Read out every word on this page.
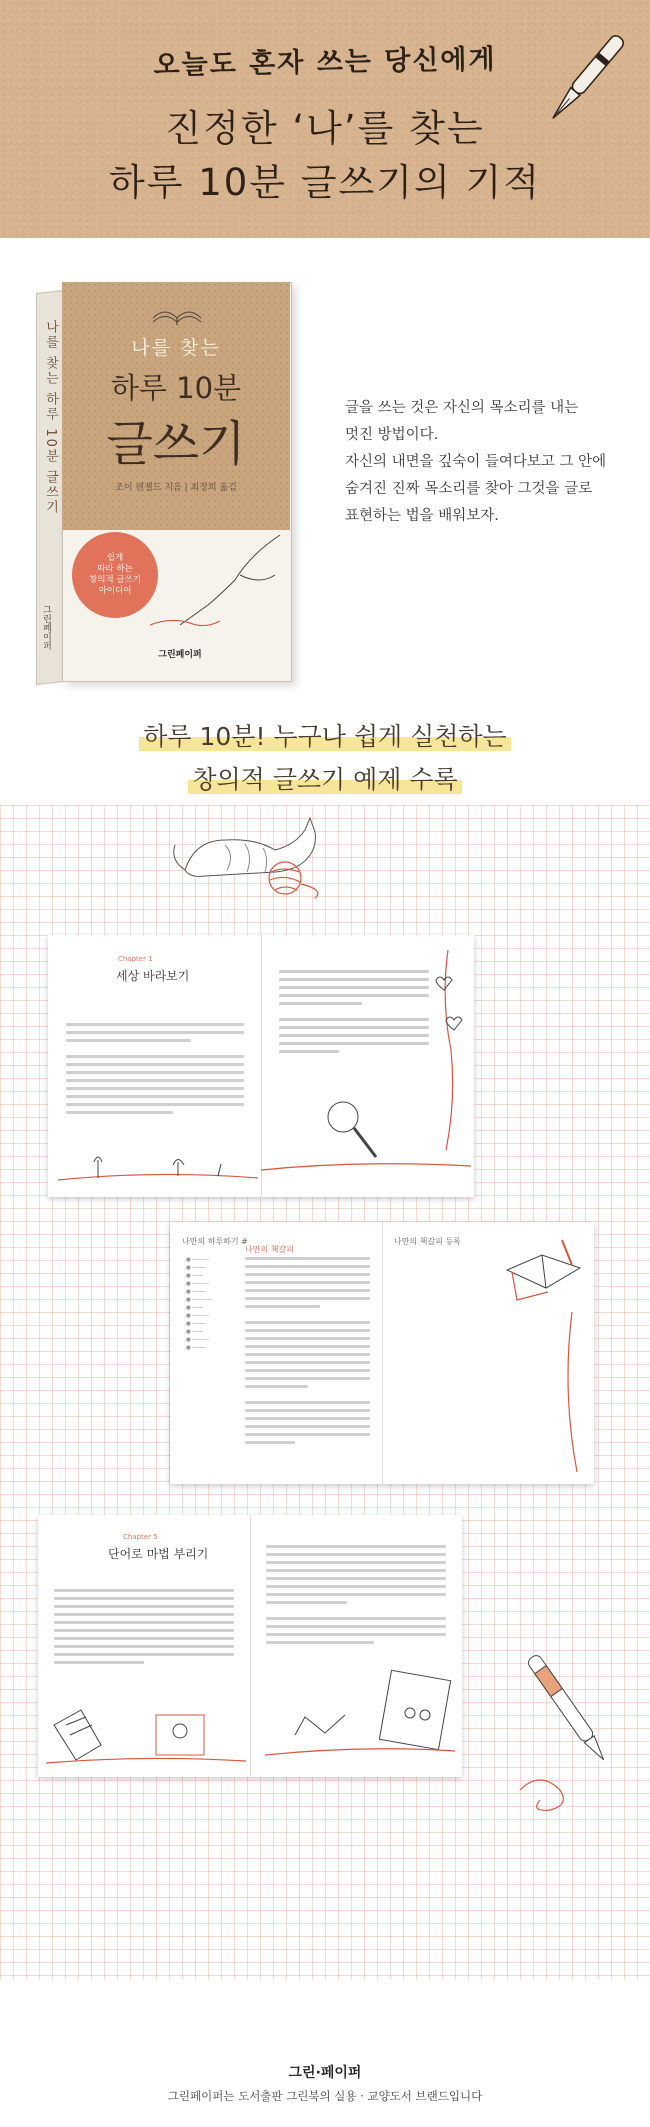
오늘도 혼자 쓰는 당신에게
진정한 ‘나’를 찾는
하루 10분 글쓰기의 기적
나를 찾는 하루 10분 글쓰기
그린페이퍼
나를 찾는
하루 10분
글쓰기
조이 렌젤드 지음 | 최정희 옮김
쉽게
따라 하는
창의적 글쓰기
아이디어
그린페이퍼
글을 쓰는 것은 자신의 목소리를 내는
멋진 방법이다.
자신의 내면을 깊숙이 들여다보고 그 안에
숨겨진 진짜 목소리를 찾아 그것을 글로
표현하는 법을 배워보자.
하루 10분! 누구나 쉽게 실천하는
창의적 글쓰기 예제 수록
Chapter 1
세상 바라보기
나만의 하루하기 #
나만의 책갈피
● ─────
● ────
● ───
● ─────
● ────
● ──────
● ───
● ─────
● ────
● ───
● ─────
● ────
나만의 책갈피 등록
Chapter 5
단어로 마법 부리기
그린·페이퍼
그린페이퍼는 도서출판 그린북의 실용 · 교양도서 브랜드입니다
